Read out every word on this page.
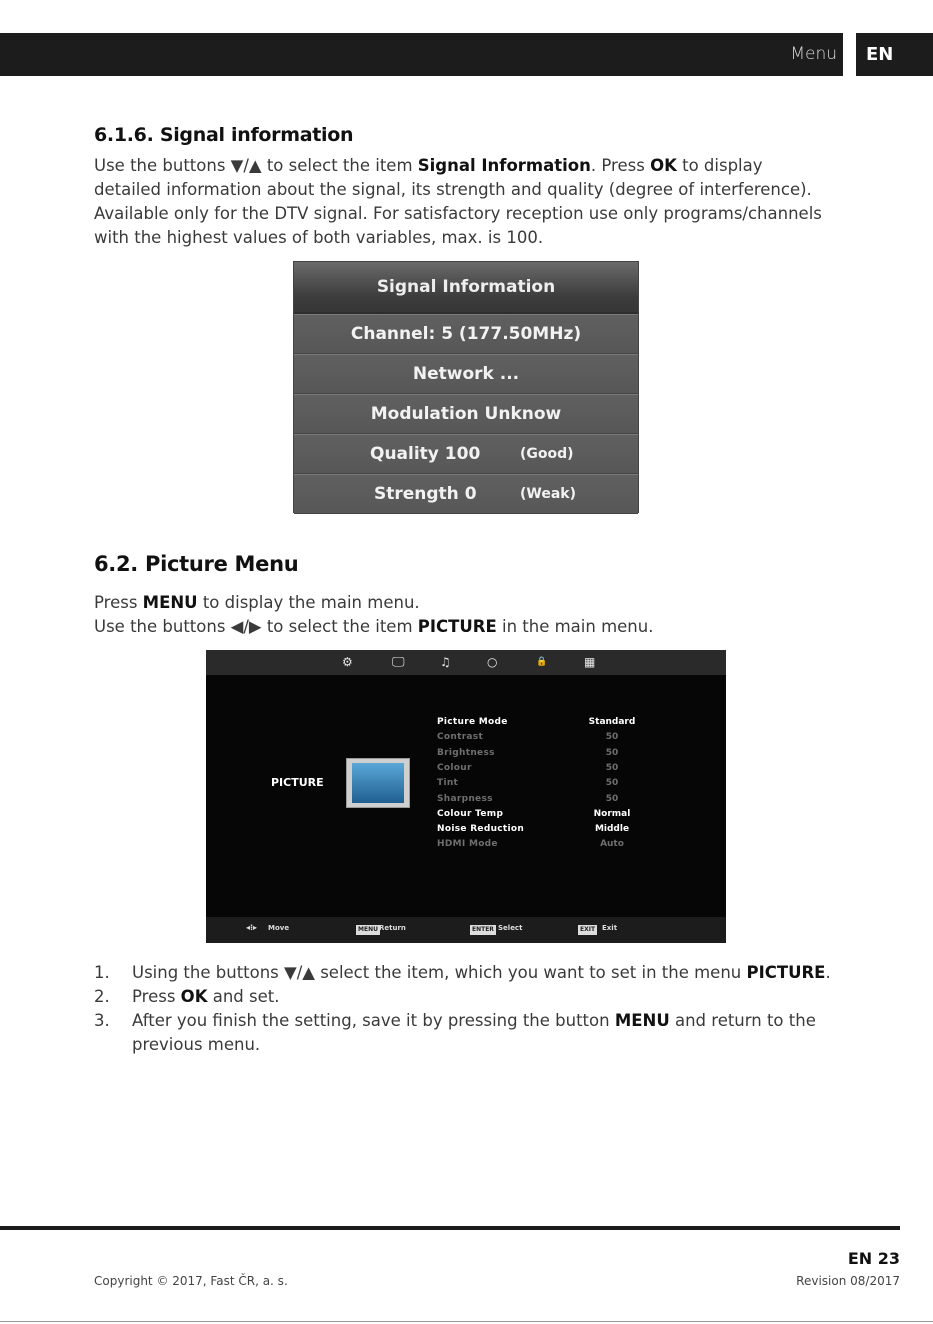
Menu	EN
6.1.6. Signal information

Use the buttons ▼/▲ to select the item Signal Information. Press OK to display detailed information about the signal, its strength and quality (degree of interference). Available only for the DTV signal. For satisfactory reception use only programs/channels with the highest values of both variables, max. is 100.

Signal Information
Channel: 5 (177.50MHz)
Network ...
Modulation Unknow
Quality 100	(Good)
Strength 0	(Weak)
6.2. Picture Menu
Press MENU to display the main menu.
Use the buttons ◀/▶ to select the item PICTURE in the main menu.
⚙	🖵	♫	○	🔒	▦
PICTURE
Picture Mode	Standard
Contrast	50
Brightness	50
Colour	50
Tint	50
Sharpness	50
Colour Temp	Normal
Noise Reduction	Middle
HDMI Mode	Auto
◂⁝▸ Move	MENU Return	ENTER Select	EXIT Exit
1. Using the buttons ▼/▲ select the item, which you want to set in the menu PICTURE.
2. Press OK and set.
3. After you finish the setting, save it by pressing the button MENU and return to the previous menu.
EN 23
Copyright © 2017, Fast ČR, a. s.	Revision 08/2017
